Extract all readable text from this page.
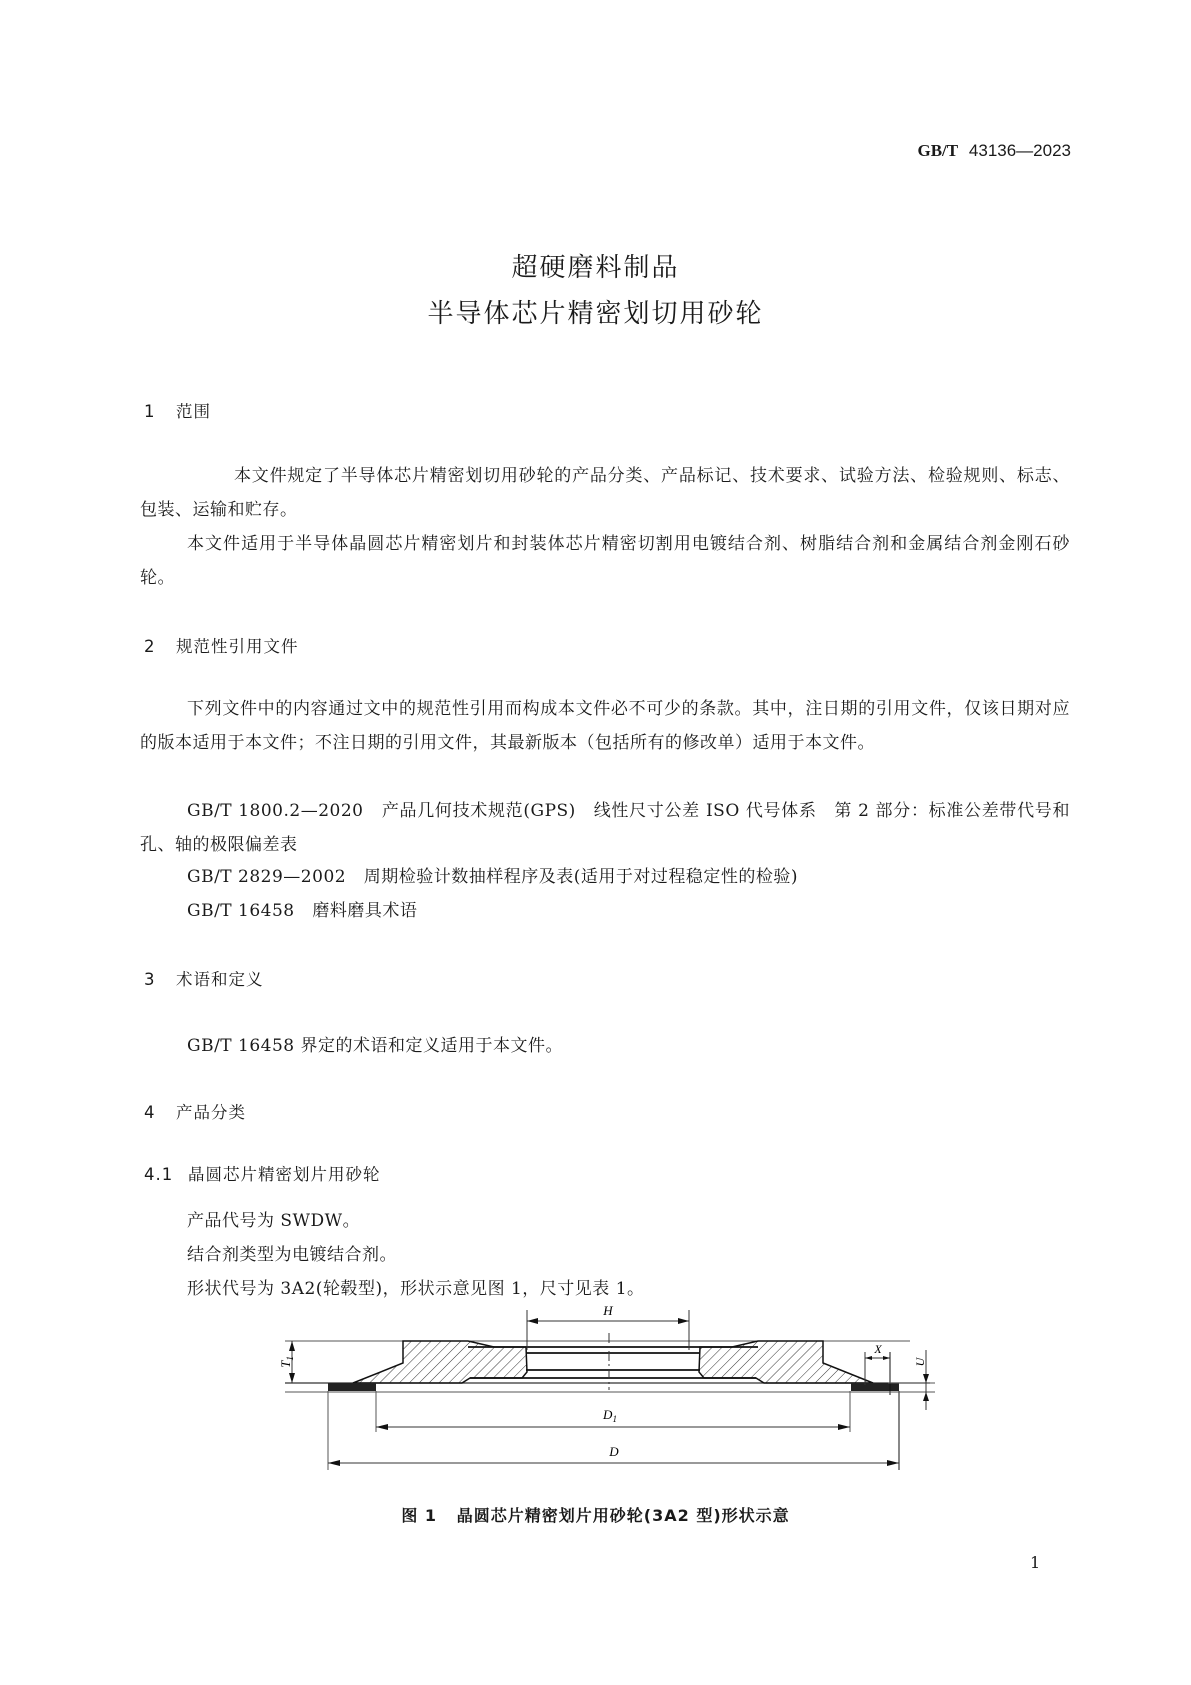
GB/T 43136—2023
超硬磨料制品
半导体芯片精密划切用砂轮
1 范围
本文件规定了半导体芯片精密划切用砂轮的产品分类、产品标记、技术要求、试验方法、检验规则、标志、包装、运输和贮存。
本文件适用于半导体晶圆芯片精密划片和封装体芯片精密切割用电镀结合剂、树脂结合剂和金属结合剂金刚石砂轮。
2 规范性引用文件
下列文件中的内容通过文中的规范性引用而构成本文件必不可少的条款。其中，注日期的引用文件，仅该日期对应的版本适用于本文件；不注日期的引用文件，其最新版本（包括所有的修改单）适用于本文件。
GB/T 1800.2—2020 产品几何技术规范(GPS)　线性尺寸公差 ISO 代号体系　第 2 部分：标准公差带代号和孔、轴的极限偏差表
GB/T 2829—2002 周期检验计数抽样程序及表(适用于对过程稳定性的检验)
GB/T 16458 磨料磨具术语
3 术语和定义
GB/T 16458 界定的术语和定义适用于本文件。
4 产品分类
4.1 晶圆芯片精密划片用砂轮
产品代号为 SWDW。
结合剂类型为电镀结合剂。
形状代号为 3A2(轮毂型)，形状示意见图 1，尺寸见表 1。
H
$T_1$
$D_1$
D
X
U
图 1 晶圆芯片精密划片用砂轮(3A2 型)形状示意
1
